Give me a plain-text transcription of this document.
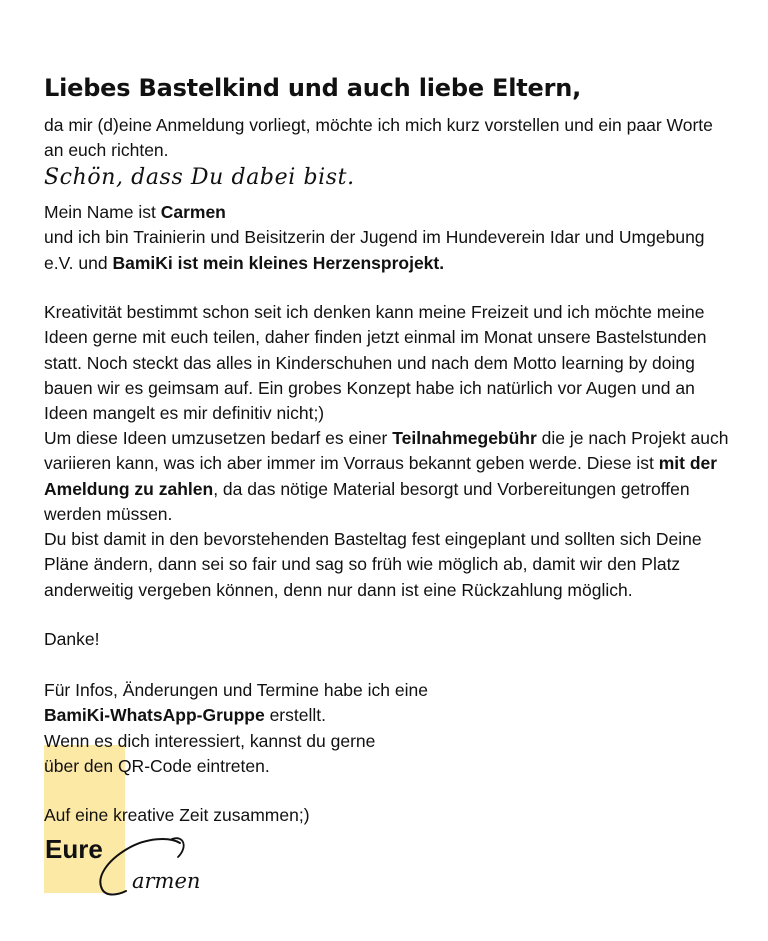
Liebes Bastelkind und auch liebe Eltern,

da mir (d)eine Anmeldung vorliegt, möchte ich mich kurz vorstellen und ein paar Worte an euch richten.

Schön, dass Du dabei bist.

Mein Name ist Carmen
und ich bin Trainierin und Beisitzerin der Jugend im Hundeverein Idar und Umgebung e.V. und BamiKi ist mein kleines Herzensprojekt.

Kreativität bestimmt schon seit ich denken kann meine Freizeit und ich möchte meine Ideen gerne mit euch teilen, daher finden jetzt einmal im Monat unsere Bastelstunden statt. Noch steckt das alles in Kinderschuhen und nach dem Motto learning by doing bauen wir es geimsam auf. Ein grobes Konzept habe ich natürlich vor Augen und an Ideen mangelt es mir definitiv nicht;)

Um diese Ideen umzusetzen bedarf es einer Teilnahmegebühr die je nach Projekt auch variieren kann, was ich aber immer im Vorraus bekannt geben werde. Diese ist mit der Ameldung zu zahlen, da das nötige Material besorgt und Vorbereitungen getroffen werden müssen.

Du bist damit in den bevorstehenden Basteltag fest eingeplant und sollten sich Deine Pläne ändern, dann sei so fair und sag so früh wie möglich ab, damit wir den Platz anderweitig vergeben können, denn nur dann ist eine Rückzahlung möglich.

Danke!

Für Infos, Änderungen und Termine habe ich eine
BamiKi-WhatsApp-Gruppe erstellt.
Wenn es dich interessiert, kannst du gerne
über den QR-Code eintreten.

Auf eine kreative Zeit zusammen;)

Eure

armen
